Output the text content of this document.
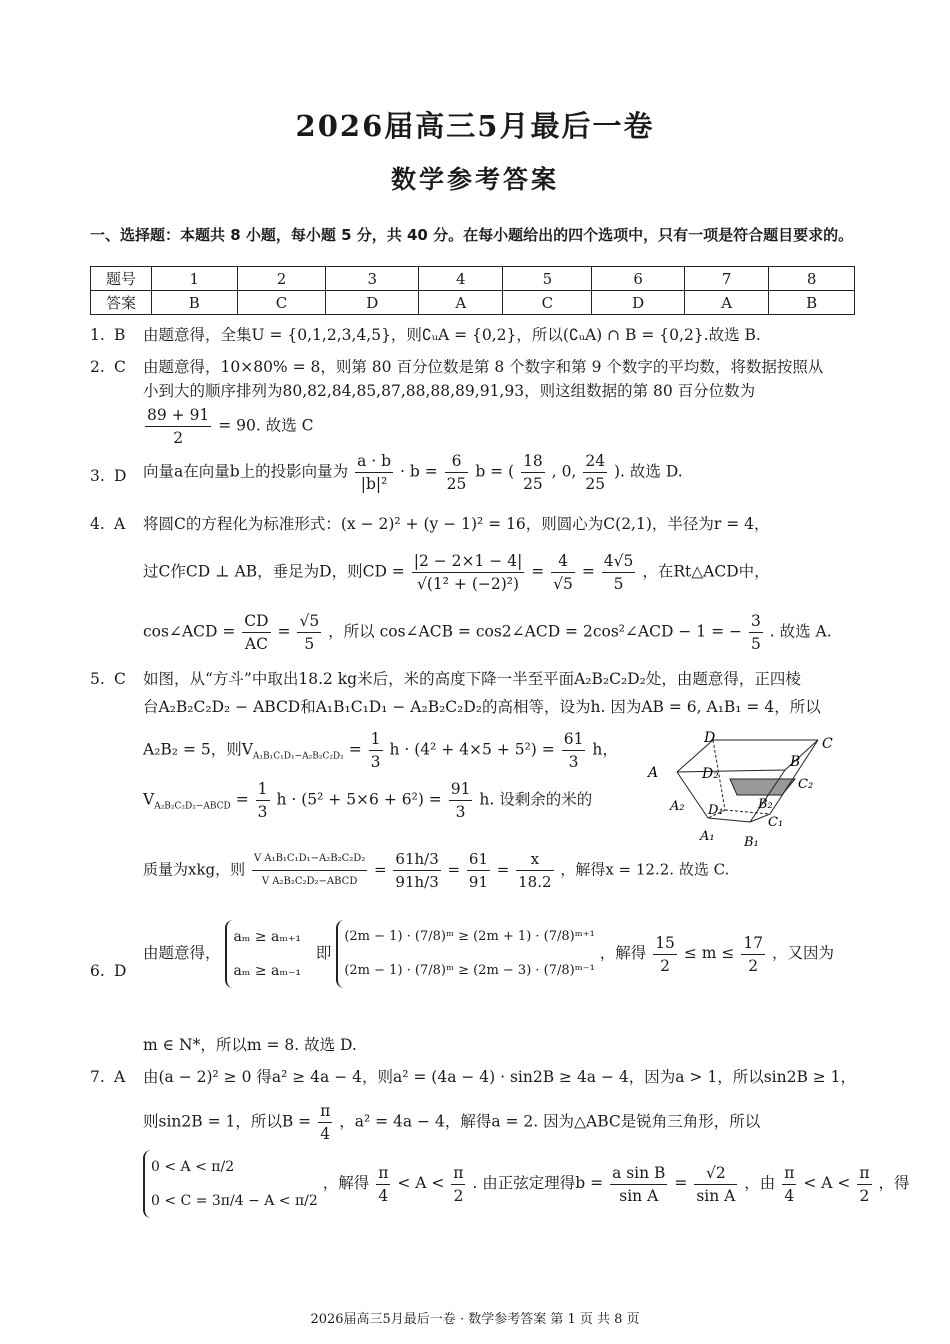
2026届高三5月最后一卷
数学参考答案
一、选择题：本题共 8 小题，每小题 5 分，共 40 分。在每小题给出的四个选项中，只有一项是符合题目要求的。
题号	1	2	3	4	5	6	7	8
答案	B	C	D	A	C	D	A	B
1. B	由题意得，全集U = {0,1,2,3,4,5}，则∁ᵤA = {0,2}，所以(∁ᵤA) ∩ B = {0,2}.故选 B.
2. C	由题意得，10×80% = 8，则第 80 百分位数是第 8 个数字和第 9 个数字的平均数，将数据按照从
小到大的顺序排列为80,82,84,85,87,88,88,89,91,93，则这组数据的第 80 百分位数为
$\frac{89 + 91}{2} = 90$. 故选 C
3. D	向量a在向量b上的投影向量为 $\frac{a \cdot b}{\text{|b|²}} \cdot b = \frac{6}{25}$ b = ( $\frac{18}{25}$ , 0, $\frac{24}{25}$ ). 故选 D.
4. A	将圆C的方程化为标准形式：(x − 2)² + (y − 1)² = 16，则圆心为C(2,1)，半径为r = 4，
过C作CD ⊥ AB，垂足为D，则CD = $\frac{|2 - 2\times 1 - 4|}{\text{√(1² + (−2)²)}} = \frac{4}{√5} = \frac{4√5}{5}$ ，在Rt△ACD中，
cos∠ACD = $\frac{CD}{AC} = \frac{√5}{5}$ ，所以 cos∠ACB = cos2∠ACD = 2cos²∠ACD − 1 = − $\frac{3}{5}$ . 故选 A.
5. C	如图，从“方斗”中取出18.2 kg米后，米的高度下降一半至平面A₂B₂C₂D₂处，由题意得，正四棱
台A₂B₂C₂D₂ − ABCD和A₁B₁C₁D₁ − A₂B₂C₂D₂的高相等，设为h. 因为AB = 6, A₁B₁ = 4，所以
A₂B₂ = 5，则$V_{A_1B_1C_1D_1-A_2B_2C_2D_2} = \frac{1}{3}$ $h \cdot (4^2 + 4\times 5 + 5^2) = \frac{61}{3}$ h，
$V_{A_2B_2C_2D_2-ABCD} = \frac{1}{3}$ $h \cdot (5^2 + 5\times 6 + 6^2) = \frac{91}{3} h$. 设剩余的米的
质量为xkg，则 $\frac{\text{V A₁B₁C₁D₁−A₂B₂C₂D₂}}{\text{V A₂B₂C₂D₂−ABCD}} = \frac{61h/3}{91h/3} = \frac{61}{91} = \frac{x}{18.2}$ ，解得x = 12.2. 故选 C.
D	C
A	D₂
B
C₂
A₂ D₁	B₂
C₁
A₁ B₁
6. D
由题意得，
aₘ ≥ aₘ₊₁
aₘ ≥ aₘ₋₁
即
(2m − 1) · (7/8)ᵐ ≥ (2m + 1) · (7/8)ᵐ⁺¹
(2m − 1) · (7/8)ᵐ ≥ (2m − 3) · (7/8)ᵐ⁻¹
，解得 $\frac{15}{2} \le m \le \frac{17}{2}$ ，又因为
m ∈ N*，所以m = 8. 故选 D.
7. A	由(a − 2)² ≥ 0 得a² ≥ 4a − 4，则a² = (4a − 4) · sin2B ≥ 4a − 4，因为a > 1，所以sin2B ≥ 1，
则sin2B = 1，所以$B = \frac{\pi}{4}$ ，a² = 4a − 4，解得a = 2. 因为△ABC是锐角三角形，所以
0 < A < π/2
0 < C = 3π/4 − A < π/2
，解得 $\frac{\pi}{4} < A < \frac{\pi}{2}$ . 由正弦定理得$b = \frac{\text{a sin B}}{\text{sin A}} = \frac{√2}{\text{sin A}}$ ，由 $\frac{\pi}{4} < A < \frac{\pi}{2}$ ，得
2026届高三5月最后一卷 · 数学参考答案 第 1 页 共 8 页
